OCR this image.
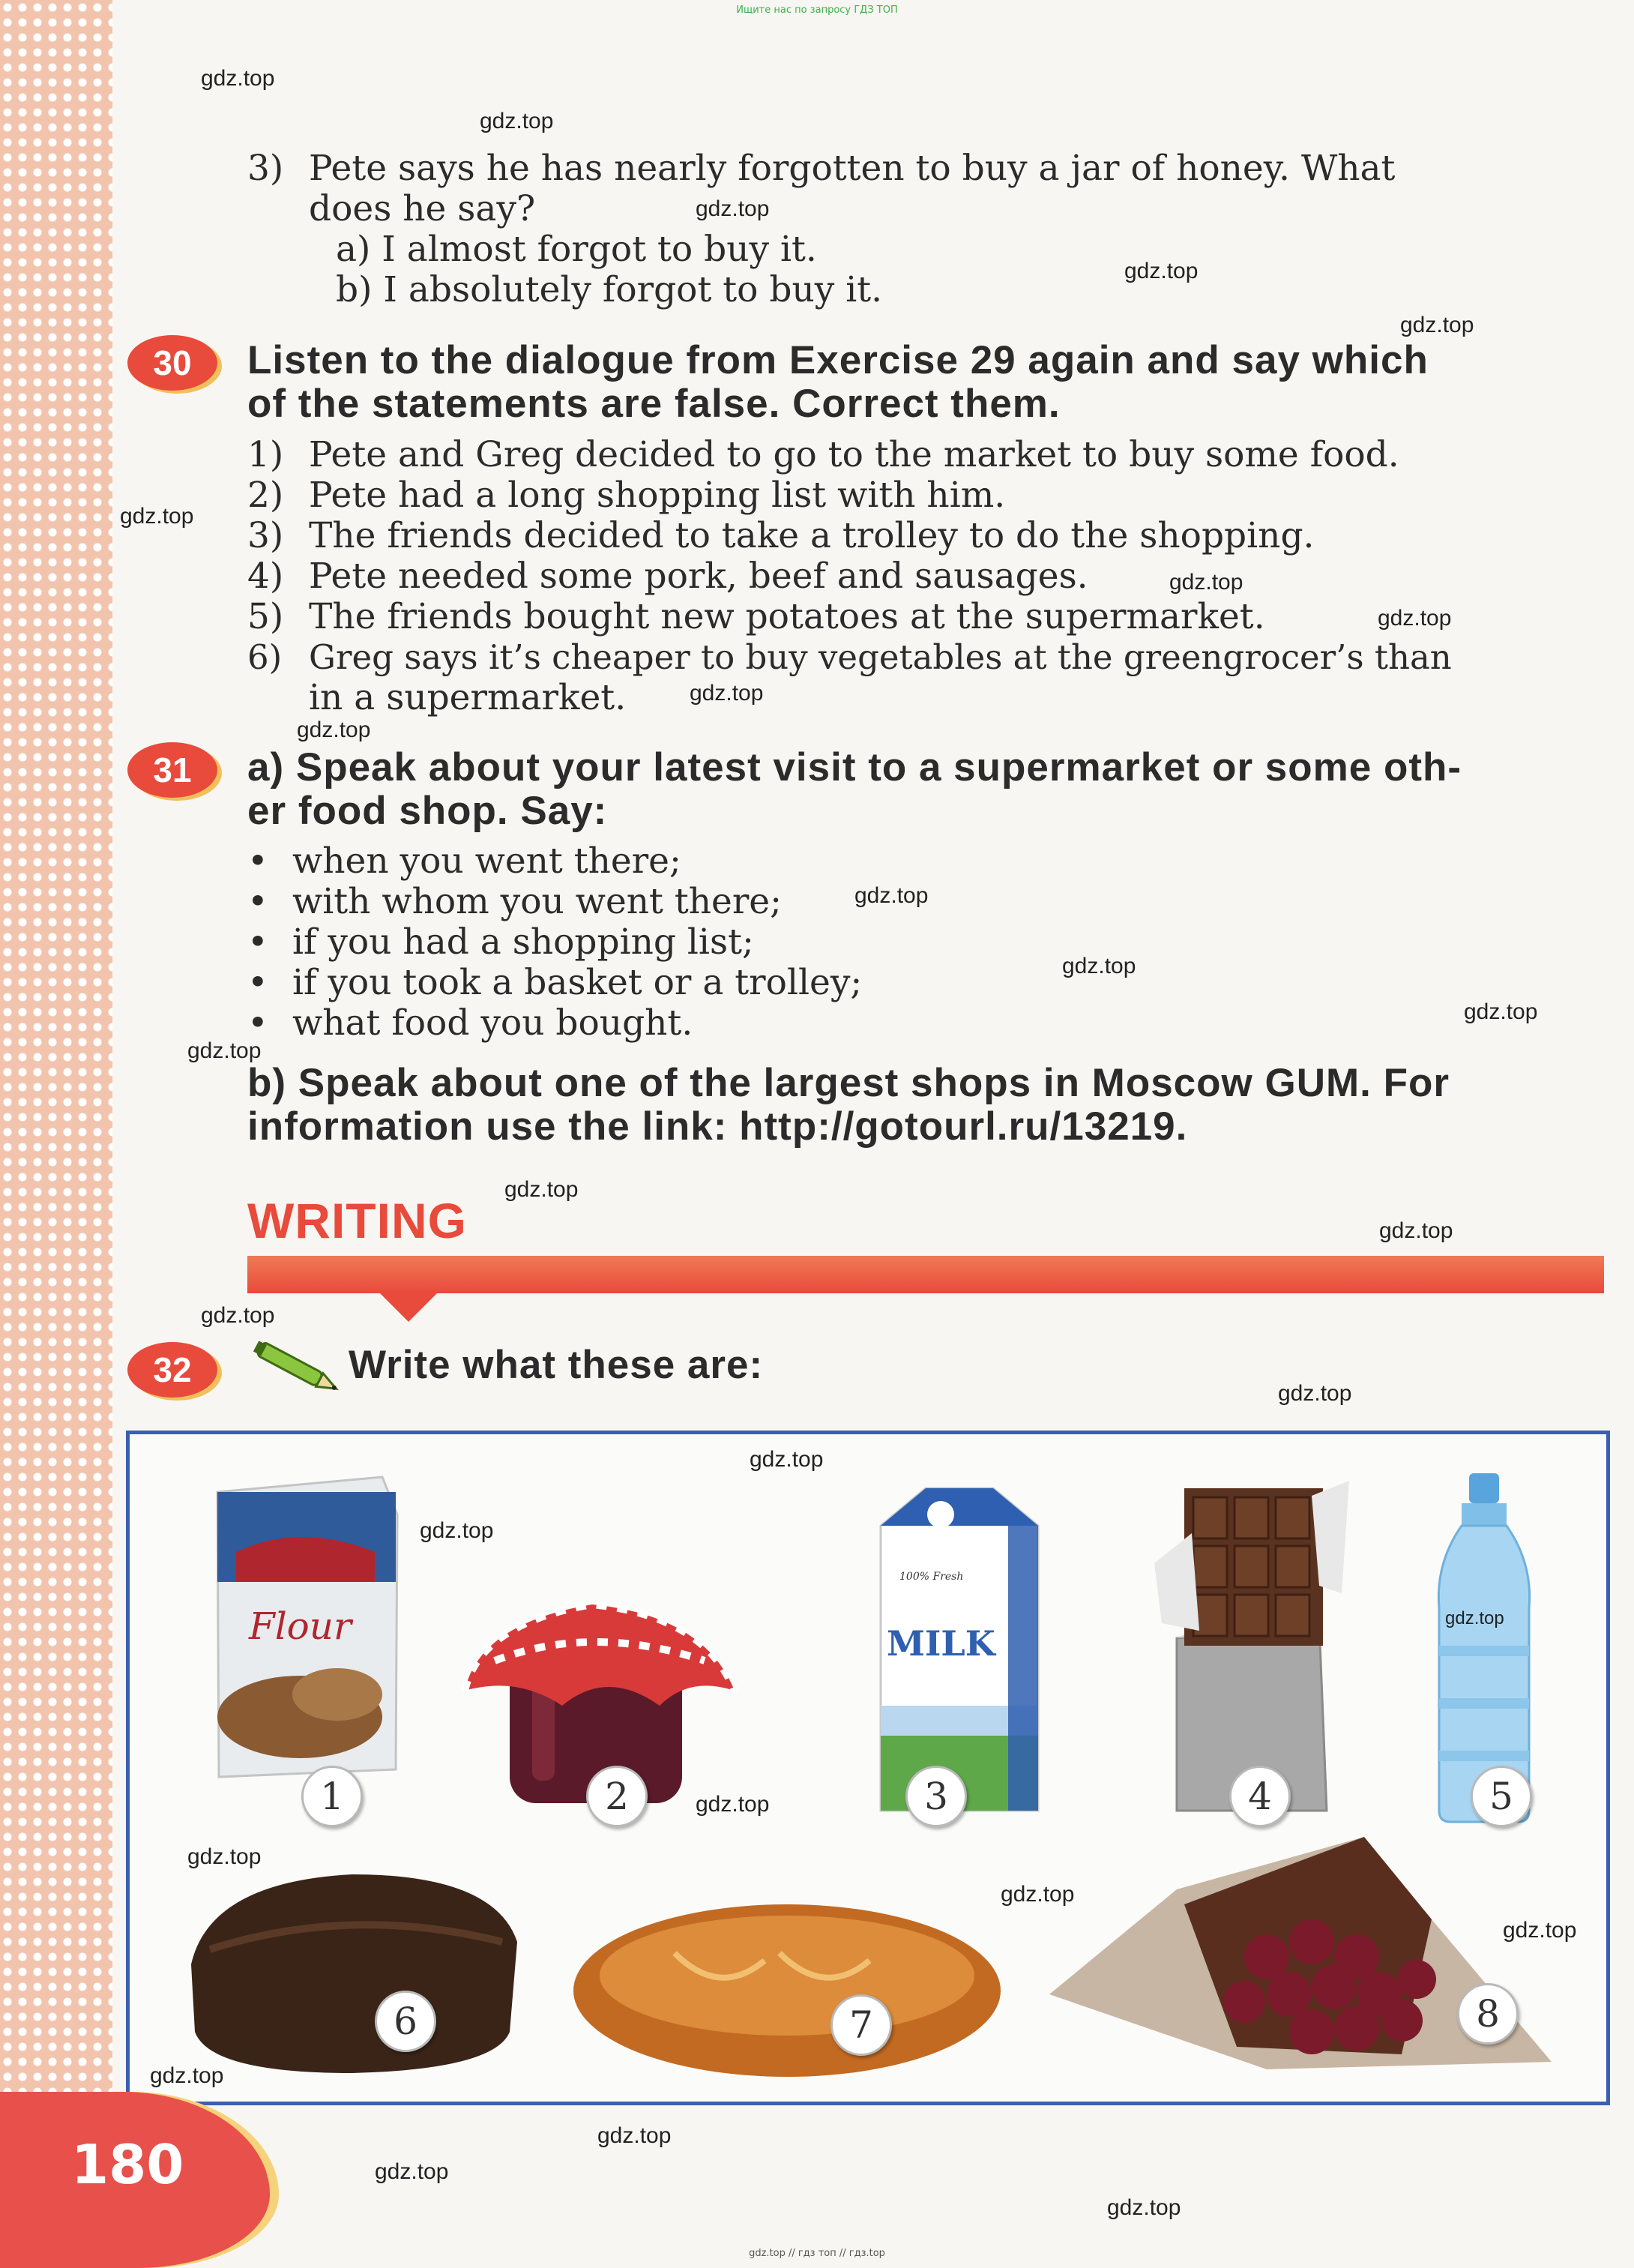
Ищите нас по запросу ГДЗ ТОП
3) Pete says he has nearly forgotten to buy a jar of honey. What
does he say?
a) I almost forgot to buy it.
b) I absolutely forgot to buy it.
30	Listen to the dialogue from Exercise 29 again and say which
of the statements are false. Correct them.
1) Pete and Greg decided to go to the market to buy some food.
2) Pete had a long shopping list with him.
3) The friends decided to take a trolley to do the shopping.
4) Pete needed some pork, beef and sausages.
5) The friends bought new potatoes at the supermarket.
6) Greg says it’s cheaper to buy vegetables at the greengrocer’s than
in a supermarket.
31	a) Speak about your latest visit to a supermarket or some oth-
er food shop. Say:
• when you went there;
• with whom you went there;
• if you had a shopping list;
• if you took a basket or a trolley;
• what food you bought.
b) Speak about one of the largest shops in Moscow GUM. For
information use the link: http://gotourl.ru/13219.
WRITING
32	Write what these are:
Flour
1	2
100% Fresh
MILK
3	4	5
6	7	8
180
gdz.top
gdz.top
gdz.top
gdz.top
gdz.top
gdz.top
gdz.top
gdz.top
gdz.top
gdz.top
gdz.top
gdz.top
gdz.top
gdz.top
gdz.top
gdz.top
gdz.top
gdz.top
gdz.top
gdz.top
gdz.top
gdz.top
gdz.top
gdz.top
gdz.top
gdz.top
gdz.top
gdz.top
gdz.top
gdz.top // гдз топ // гдз.top
